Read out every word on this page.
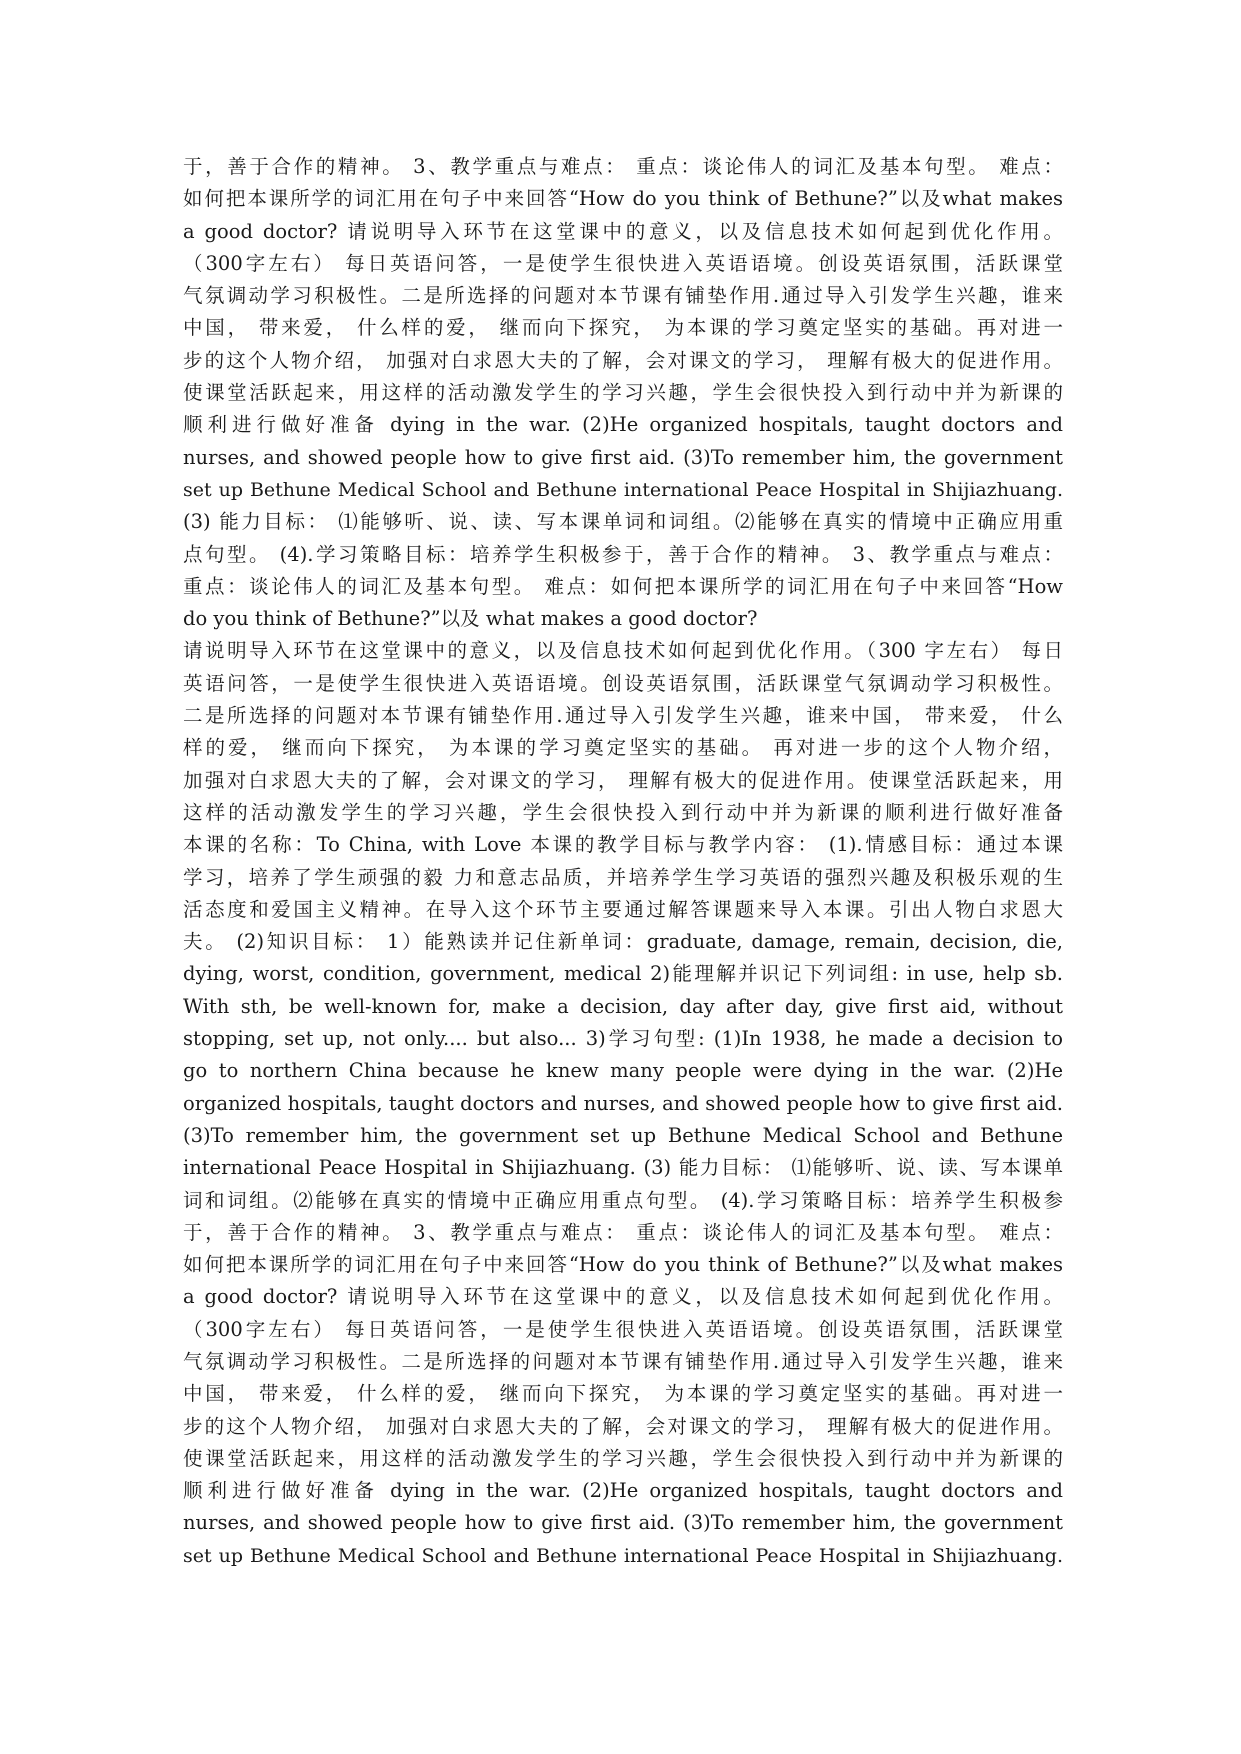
于，善于合作的精神。 3、教学重点与难点： 重点：谈论伟人的词汇及基本句型。 难点：
如何把本课所学的词汇用在句子中来回答“How do you think of Bethune?”以及what makes
a good doctor? 请说明导入环节在这堂课中的意义，以及信息技术如何起到优化作用。
（300字左右） 每日英语问答，一是使学生很快进入英语语境。创设英语氛围，活跃课堂
气氛调动学习积极性。二是所选择的问题对本节课有铺垫作用.通过导入引发学生兴趣，谁来
中国， 带来爱， 什么样的爱， 继而向下探究， 为本课的学习奠定坚实的基础。再对进一
步的这个人物介绍， 加强对白求恩大夫的了解，会对课文的学习， 理解有极大的促进作用。
使课堂活跃起来，用这样的活动激发学生的学习兴趣，学生会很快投入到行动中并为新课的
顺利进行做好准备 dying in the war. (2)He organized hospitals, taught doctors and
nurses, and showed people how to give first aid. (3)To remember him, the government
set up Bethune Medical School and Bethune international Peace Hospital in Shijiazhuang.
(3) 能力目标： ⑴能够听、说、读、写本课单词和词组。⑵能够在真实的情境中正确应用重
点句型。 (4).学习策略目标：培养学生积极参于，善于合作的精神。 3、教学重点与难点：
重点：谈论伟人的词汇及基本句型。 难点：如何把本课所学的词汇用在句子中来回答“How
do you think of Bethune?”以及 what makes a good doctor?
请说明导入环节在这堂课中的意义，以及信息技术如何起到优化作用。（300 字左右） 每日
英语问答，一是使学生很快进入英语语境。创设英语氛围，活跃课堂气氛调动学习积极性。
二是所选择的问题对本节课有铺垫作用.通过导入引发学生兴趣，谁来中国， 带来爱， 什么
样的爱， 继而向下探究， 为本课的学习奠定坚实的基础。 再对进一步的这个人物介绍，
加强对白求恩大夫的了解，会对课文的学习， 理解有极大的促进作用。使课堂活跃起来，用
这样的活动激发学生的学习兴趣，学生会很快投入到行动中并为新课的顺利进行做好准备
本课的名称：To China, with Love 本课的教学目标与教学内容： (1).情感目标：通过本课
学习，培养了学生顽强的毅 力和意志品质，并培养学生学习英语的强烈兴趣及积极乐观的生
活态度和爱国主义精神。在导入这个环节主要通过解答课题来导入本课。引出人物白求恩大
夫。 (2)知识目标： 1）能熟读并记住新单词：graduate, damage, remain, decision, die,
dying, worst, condition, government, medical 2)能理解并识记下列词组: in use, help sb.
With sth, be well-known for, make a decision, day after day, give first aid, without
stopping, set up, not only.... but also... 3)学习句型: (1)In 1938, he made a decision to
go to northern China because he knew many people were dying in the war. (2)He
organized hospitals, taught doctors and nurses, and showed people how to give first aid.
(3)To remember him, the government set up Bethune Medical School and Bethune
international Peace Hospital in Shijiazhuang. (3) 能力目标： ⑴能够听、说、读、写本课单
词和词组。⑵能够在真实的情境中正确应用重点句型。 (4).学习策略目标：培养学生积极参
于，善于合作的精神。 3、教学重点与难点： 重点：谈论伟人的词汇及基本句型。 难点：
如何把本课所学的词汇用在句子中来回答“How do you think of Bethune?”以及what makes
a good doctor? 请说明导入环节在这堂课中的意义，以及信息技术如何起到优化作用。
（300字左右） 每日英语问答，一是使学生很快进入英语语境。创设英语氛围，活跃课堂
气氛调动学习积极性。二是所选择的问题对本节课有铺垫作用.通过导入引发学生兴趣，谁来
中国， 带来爱， 什么样的爱， 继而向下探究， 为本课的学习奠定坚实的基础。再对进一
步的这个人物介绍， 加强对白求恩大夫的了解，会对课文的学习， 理解有极大的促进作用。
使课堂活跃起来，用这样的活动激发学生的学习兴趣，学生会很快投入到行动中并为新课的
顺利进行做好准备 dying in the war. (2)He organized hospitals, taught doctors and
nurses, and showed people how to give first aid. (3)To remember him, the government
set up Bethune Medical School and Bethune international Peace Hospital in Shijiazhuang.
